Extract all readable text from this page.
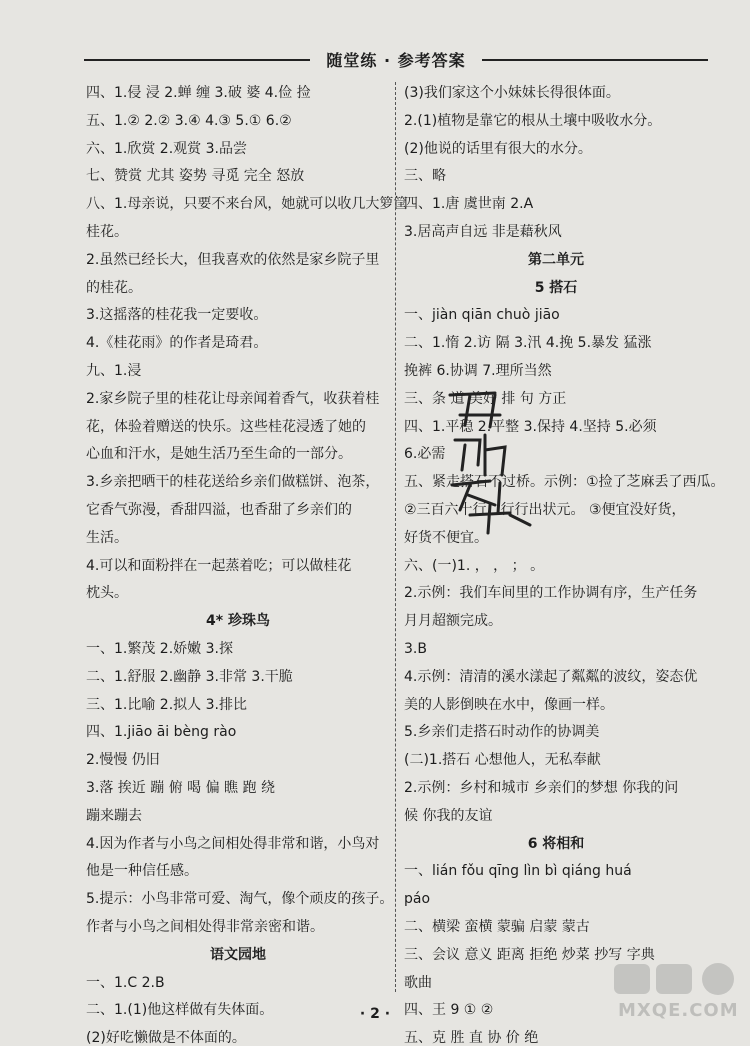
随堂练 · 参考答案
四、1.侵 浸 2.蝉 缠 3.破 婆 4.俭 捡
五、1.② 2.② 3.④ 4.③ 5.① 6.②
六、1.欣赏 2.观赏 3.品尝
七、赞赏 尤其 姿势 寻觅 完全 怒放
八、1.母亲说，只要不来台风，她就可以收几大箩筐
桂花。
2.虽然已经长大，但我喜欢的依然是家乡院子里
的桂花。
3.这摇落的桂花我一定要收。
4.《桂花雨》的作者是琦君。
九、1.浸
2.家乡院子里的桂花让母亲闻着香气，收获着桂
花，体验着赠送的快乐。这些桂花浸透了她的
心血和汗水，是她生活乃至生命的一部分。
3.乡亲把晒干的桂花送给乡亲们做糕饼、泡茶，
它香气弥漫，香甜四溢，也香甜了乡亲们的
生活。
4.可以和面粉拌在一起蒸着吃；可以做桂花
枕头。
4* 珍珠鸟
一、1.繁茂 2.娇嫩 3.探
二、1.舒服 2.幽静 3.非常 3.干脆
三、1.比喻 2.拟人 3.排比
四、1.jiāo āi bèng rào
2.慢慢 仍旧
3.落 挨近 蹦 俯 喝 偏 瞧 跑 绕
蹦来蹦去
4.因为作者与小鸟之间相处得非常和谐，小鸟对
他是一种信任感。
5.提示：小鸟非常可爱、淘气，像个顽皮的孩子。
作者与小鸟之间相处得非常亲密和谐。
语文园地
一、1.C 2.B
二、1.(1)他这样做有失体面。
(2)好吃懒做是不体面的。
(3)我们家这个小妹妹长得很体面。
2.(1)植物是靠它的根从土壤中吸收水分。
(2)他说的话里有很大的水分。
三、略
四、1.唐 虞世南 2.A
3.居高声自远 非是藉秋风
第二单元
5 搭石
一、jiàn qiān chuò jiāo
二、1.惰 2.访 隔 3.汛 4.挽 5.暴发 猛涨
挽裤 6.协调 7.理所当然
三、条 道 美好 排 句 方正
四、1.平稳 2.平整 3.保持 4.坚持 5.必须
6.必需
五、紧走搭石不过桥。示例：①捡了芝麻丢了西瓜。
②三百六十行，行行出状元。 ③便宜没好货，
好货不便宜。
六、(一)1. ， ， ； 。
2.示例：我们车间里的工作协调有序，生产任务
月月超额完成。
3.B
4.示例：清清的溪水漾起了粼粼的波纹，姿态优
美的人影倒映在水中，像画一样。
5.乡亲们走搭石时动作的协调美
(二)1.搭石 心想他人，无私奉献
2.示例：乡村和城市 乡亲们的梦想 你我的问
候 你我的友谊
6 将相和
一、lián fǒu qīng lìn bì qiáng huá
páo
二、横梁 蛮横 蒙骗 启蒙 蒙古
三、会议 意义 距离 拒绝 炒菜 抄写 字典
歌曲
四、王 9 ① ②
五、克 胜 直 协 价 绝
· 2 ·	MXQE.COM
